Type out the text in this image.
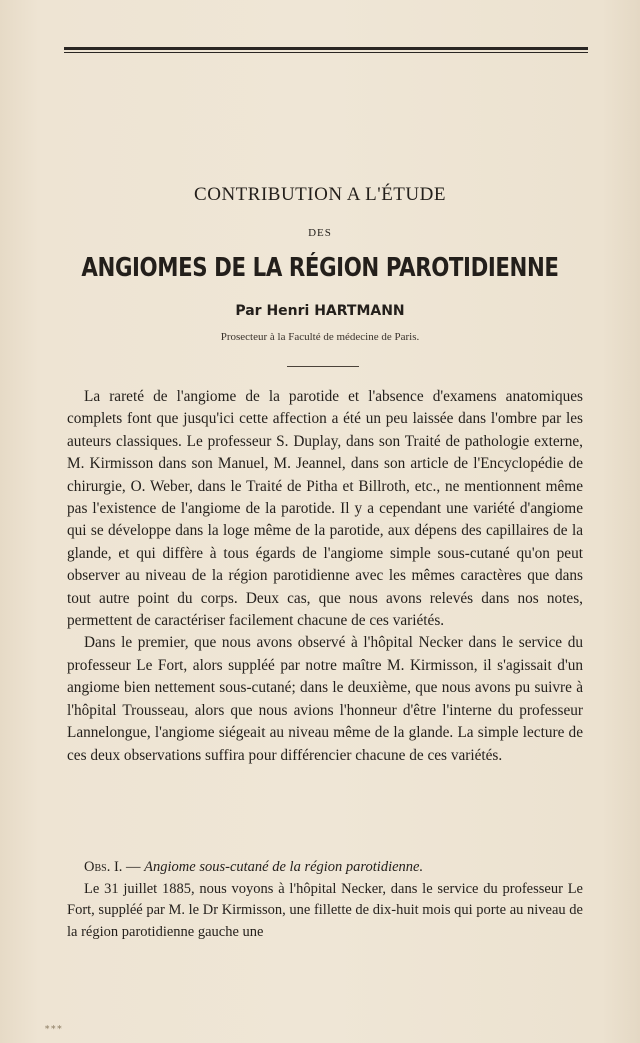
CONTRIBUTION A L'ÉTUDE
DES
ANGIOMES DE LA RÉGION PAROTIDIENNE
Par Henri HARTMANN
Prosecteur à la Faculté de médecine de Paris.

La rareté de l'angiome de la parotide et l'absence d'examens anatomiques complets font que jusqu'ici cette affection a été un peu laissée dans l'ombre par les auteurs classiques. Le professeur S. Duplay, dans son Traité de pathologie externe, M. Kirmisson dans son Manuel, M. Jeannel, dans son article de l'Encyclopédie de chirurgie, O. Weber, dans le Traité de Pitha et Billroth, etc., ne mentionnent même pas l'existence de l'angiome de la parotide. Il y a cependant une variété d'angiome qui se développe dans la loge même de la parotide, aux dépens des capillaires de la glande, et qui diffère à tous égards de l'angiome simple sous-cutané qu'on peut observer au niveau de la région parotidienne avec les mêmes caractères que dans tout autre point du corps. Deux cas, que nous avons relevés dans nos notes, permettent de caractériser facilement chacune de ces variétés.

Dans le premier, que nous avons observé à l'hôpital Necker dans le service du professeur Le Fort, alors suppléé par notre maître M. Kirmisson, il s'agissait d'un angiome bien nettement sous-cutané; dans le deuxième, que nous avons pu suivre à l'hôpital Trousseau, alors que nous avions l'honneur d'être l'interne du professeur Lannelongue, l'angiome siégeait au niveau même de la glande. La simple lecture de ces deux observations suffira pour différencier chacune de ces variétés.

Obs. I. — Angiome sous-cutané de la région parotidienne.

Le 31 juillet 1885, nous voyons à l'hôpital Necker, dans le service du professeur Le Fort, suppléé par M. le Dr Kirmisson, une fillette de dix-huit mois qui porte au niveau de la région parotidienne gauche une

∗∗∗
